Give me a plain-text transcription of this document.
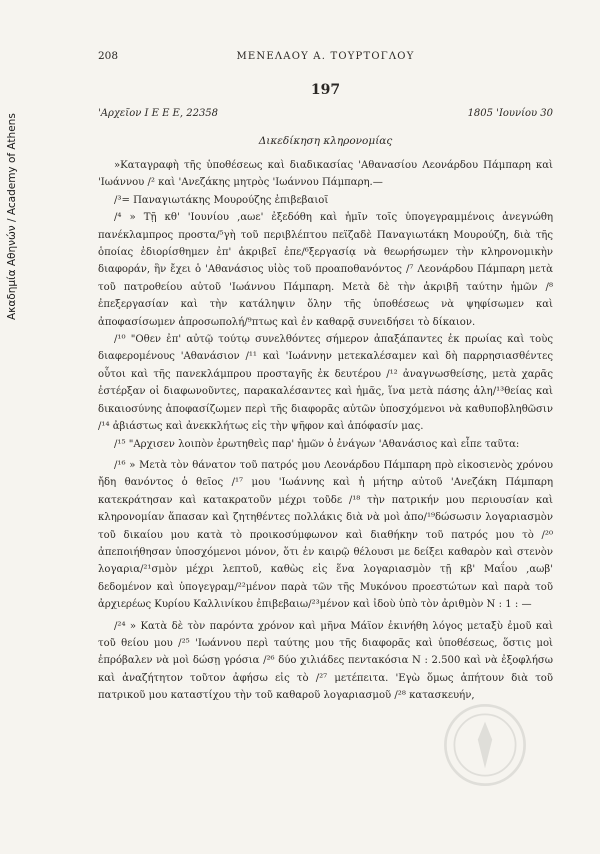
Ακαδημία Αθηνών / Academy of Athens
208	ΜΕΝΕΛΑΟΥ Α. ΤΟΥΡΤΟΓΛΟΥ
197
'Αρχεῖον Ι Ε Ε Ε, 22358	1805 'Ιουνίου 30
Δικεδίκηση κληρονομίας

»Καταγραφὴ τῆς ὑποθέσεως καὶ διαδικασίας 'Αθανασίου Λεονάρδου Πάμπαρη καὶ 'Ιωάννου /² καὶ 'Ανεζάκης μητρὸς 'Ιωάννου Πάμπαρη.—

/³= Παναγιωτάκης Μουρούζης ἐπιβεβαιοῖ

/⁴ » Τῇ κθ' 'Ιουνίου ,αωε' ἐξεδόθη καὶ ἡμῖν τοῖς ὑπογεγραμμένοις ἀνεγνώθη πανέκλαμπρος προστα/⁵γὴ τοῦ περιβλέπτου πεϊζαδὲ Παναγιωτάκη Μουρούζη, διὰ τῆς ὁποίας ἐδιορίσθημεν ἐπ' ἀκριβεῖ ἐπε/⁶ξεργασίᾳ νὰ θεωρήσωμεν τὴν κληρονομικὴν διαφοράν, ἣν ἔχει ὁ 'Αθανάσιος υἱὸς τοῦ προαποθανόντος /⁷ Λεονάρδου Πάμπαρη μετὰ τοῦ πατροθείου αὐτοῦ 'Ιωάννου Πάμπαρη. Μετὰ δὲ τὴν ἀκριβῆ ταύτην ἡμῶν /⁸ ἐπεξεργασίαν καὶ τὴν κατάληψιν ὅλην τῆς ὑποθέσεως νὰ ψηφίσωμεν καὶ ἀποφασίσωμεν ἀπροσωπολή/⁹πτως καὶ ἐν καθαρᾷ συνειδήσει τὸ δίκαιον.

/¹⁰ "Οθεν ἐπ' αὐτῷ τούτῳ συνελθόντες σήμερον ἀπαξάπαντες ἐκ πρωίας καὶ τοὺς διαφερομένους 'Αθανάσιον /¹¹ καὶ 'Ιωάννην μετεκαλέσαμεν καὶ δὴ παρρησιασθέντες οὗτοι καὶ τῆς πανεκλάμπρου προσταγῆς ἐκ δευτέρου /¹² ἀναγνωσθείσης, μετὰ χαρᾶς ἐστέρξαν οἱ διαφωνοῦντες, παρακαλέσαντες καὶ ἡμᾶς, ἵνα μετὰ πάσης ἀλη/¹³θείας καὶ δικαιοσύνης ἀποφασίζωμεν περὶ τῆς διαφορᾶς αὐτῶν ὑποσχόμενοι νὰ καθυποβληθῶσιν /¹⁴ ἀβιάστως καὶ ἀνεκκλήτως εἰς τὴν ψῆφον καὶ ἀπόφασίν μας.

/¹⁵ "Αρχισεν λοιπὸν ἐρωτηθεὶς παρ' ἡμῶν ὁ ἐνάγων 'Αθανάσιος καὶ εἶπε ταῦτα:

/¹⁶ » Μετὰ τὸν θάνατον τοῦ πατρός μου Λεονάρδου Πάμπαρη πρὸ εἰκοσιενὸς χρόνου ἤδη θανόντος ὁ θεῖος /¹⁷ μου 'Ιωάννης καὶ ἡ μήτηρ αὐτοῦ 'Ανεζάκη Πάμπαρη κατεκράτησαν καὶ κατακρατοῦν μέχρι τοῦδε /¹⁸ τὴν πατρικήν μου περιουσίαν καὶ κληρονομίαν ἅπασαν καὶ ζητηθέντες πολλάκις διὰ νὰ μοὶ ἀπο/¹⁹δώσωσιν λογαριασμὸν τοῦ δικαίου μου κατὰ τὸ προικοσύμφωνον καὶ διαθήκην τοῦ πατρός μου τὸ /²⁰ ἀπεποιήθησαν ὑποσχόμενοι μόνον, ὅτι ἐν καιρῷ θέλουσι με δείξει καθαρὸν καὶ στενὸν λογαρια/²¹σμὸν μέχρι λεπτοῦ, καθὼς εἰς ἕνα λογαριασμὸν τῇ κβ' Μαΐου ,αωβ' δεδομένον καὶ ὑπογεγραμ/²²μένον παρὰ τῶν τῆς Μυκόνου προεστώτων καὶ παρὰ τοῦ ἀρχιερέως Κυρίου Καλλινίκου ἐπιβεβαιω/²³μένον καὶ ἰδοὺ ὑπὸ τὸν ἀριθμὸν N : 1 : —

/²⁴ » Κατὰ δὲ τὸν παρόντα χρόνον καὶ μῆνα Μάϊον ἐκινήθη λόγος μεταξὺ ἐμοῦ καὶ τοῦ θείου μου /²⁵ 'Ιωάννου περὶ ταύτης μου τῆς διαφορᾶς καὶ ὑποθέσεως, ὅστις μοὶ ἐπρόβαλεν νὰ μοὶ δώσῃ γρόσια /²⁶ δύο χιλιάδες πεντακόσια N : 2.500 καὶ νὰ ἐξοφλήσω καὶ ἀναζήτητον τοῦτον ἀφήσω εἰς τὸ /²⁷ μετέπειτα. 'Εγὼ ὅμως ἀπήτουν διὰ τοῦ πατρικοῦ μου καταστίχου τὴν τοῦ καθαροῦ λογαριασμοῦ /²⁸ κατασκευήν,
